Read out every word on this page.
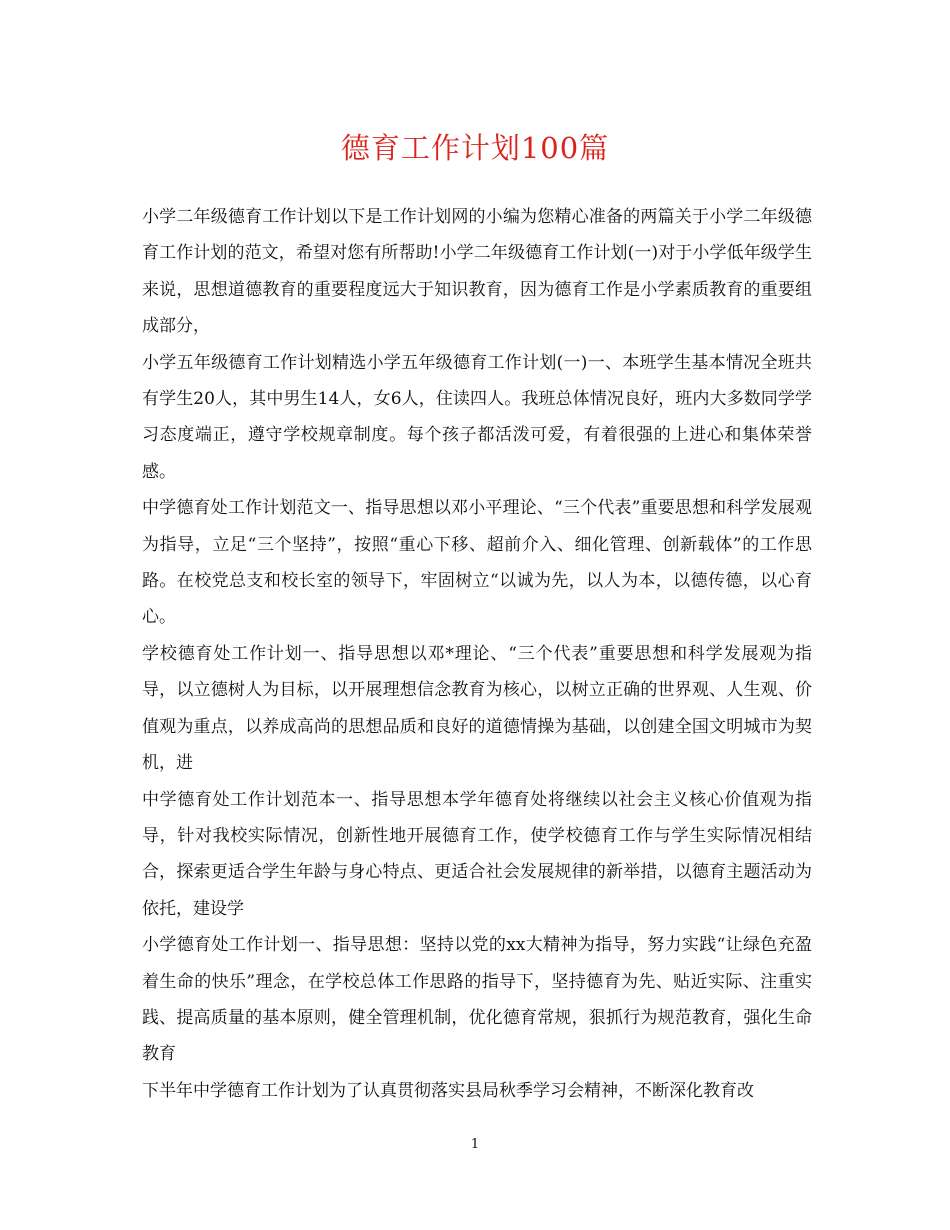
德育工作计划100篇

小学二年级德育工作计划以下是工作计划网的小编为您精心准备的两篇关于小学二年级德育工作计划的范文，希望对您有所帮助!小学二年级德育工作计划(一)对于小学低年级学生来说，思想道德教育的重要程度远大于知识教育，因为德育工作是小学素质教育的重要组成部分，

小学五年级德育工作计划精选小学五年级德育工作计划(一)一、本班学生基本情况全班共有学生20人，其中男生14人，女6人，住读四人。我班总体情况良好，班内大多数同学学习态度端正，遵守学校规章制度。每个孩子都活泼可爱，有着很强的上进心和集体荣誉感。

中学德育处工作计划范文一、指导思想以邓小平理论、“三个代表”重要思想和科学发展观为指导，立足“三个坚持”，按照“重心下移、超前介入、细化管理、创新载体”的工作思路。在校党总支和校长室的领导下，牢固树立“以诚为先，以人为本，以德传德，以心育心。

学校德育处工作计划一、指导思想以邓*理论、“三个代表”重要思想和科学发展观为指导，以立德树人为目标，以开展理想信念教育为核心，以树立正确的世界观、人生观、价值观为重点，以养成高尚的思想品质和良好的道德情操为基础，以创建全国文明城市为契机，进

中学德育处工作计划范本一、指导思想本学年德育处将继续以社会主义核心价值观为指导，针对我校实际情况，创新性地开展德育工作，使学校德育工作与学生实际情况相结合，探索更适合学生年龄与身心特点、更适合社会发展规律的新举措，以德育主题活动为依托，建设学

小学德育处工作计划一、指导思想：坚持以党的xx大精神为指导，努力实践“让绿色充盈着生命的快乐”理念，在学校总体工作思路的指导下，坚持德育为先、贴近实际、注重实践、提高质量的基本原则，健全管理机制，优化德育常规，狠抓行为规范教育，强化生命教育

下半年中学德育工作计划为了认真贯彻落实县局秋季学习会精神，不断深化教育改

1
